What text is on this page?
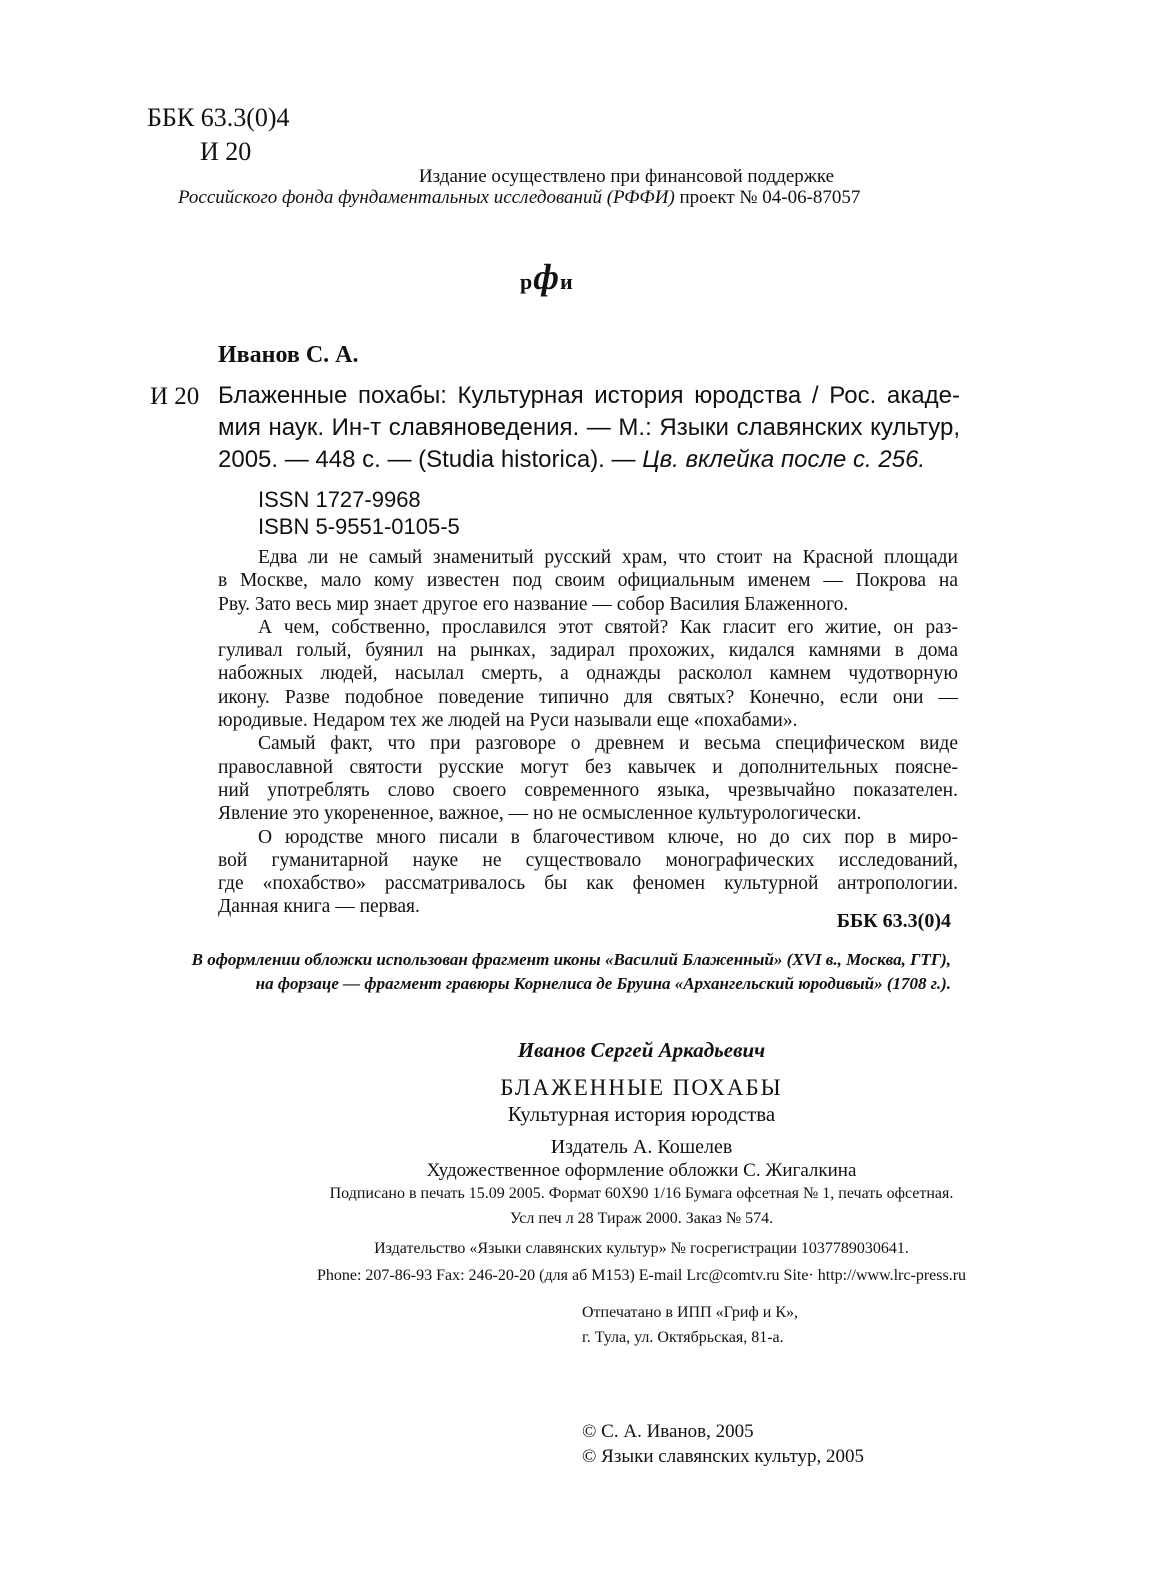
ББК 63.3(0)4
И 20
Издание осуществлено при финансовой поддержке
Российского фонда фундаментальных исследований (РФФИ) проект № 04-06-87057
рфи
Иванов С. А.
И 20 Блаженные похабы: Культурная история юродства / Рос. акаде-
мия наук. Ин-т славяноведения. — М.: Языки славянских культур,
2005. — 448 с. — (Studia historica). — Цв. вклейка после с. 256.
ISSN 1727-9968
ISBN 5-9551-0105-5

Едва ли не самый знаменитый русский храм, что стоит на Красной площади
в Москве, мало кому известен под своим официальным именем — Покрова на
Рву. Зато весь мир знает другое его название — собор Василия Блаженного.

А чем, собственно, прославился этот святой? Как гласит его житие, он раз-
гуливал голый, буянил на рынках, задирал прохожих, кидался камнями в дома
набожных людей, насылал смерть, а однажды расколол камнем чудотворную
икону. Разве подобное поведение типично для святых? Конечно, если они —
юродивые. Недаром тех же людей на Руси называли еще «похабами».

Самый факт, что при разговоре о древнем и весьма специфическом виде
православной святости русские могут без кавычек и дополнительных пояснe-
ний употреблять слово своего современного языка, чрезвычайно показателен.
Явление это укорененное, важное, — но не осмысленное культурологически.

О юродстве много писали в благочестивом ключе, но до сих пор в миро-
вой гуманитарной науке не существовало монографических исследований,
где «похабство» рассматривалось бы как феномен культурной антропологии.
Данная книга — первая.

ББК 63.3(0)4
В оформлении обложки использован фрагмент иконы «Василий Блаженный» (XVI в., Москва, ГТГ),
на форзаце — фрагмент гравюры Корнелиса де Бруина «Архангельский юродивый» (1708 г.).
Иванов Сергей Аркадьевич
БЛАЖЕННЫЕ ПОХАБЫ
Культурная история юродства
Издатель А. Кошелев
Художественное оформление обложки С. Жигалкина
Подписано в печать 15.09 2005. Формат 60Х90 1/16 Бумага офсетная № 1, печать офсетная.
Усл печ л 28 Тираж 2000. Заказ № 574.
Издательство «Языки славянских культур» № госрегистрации 1037789030641.
Phone: 207-86-93 Fax: 246-20-20 (для аб М153) E-mail Lrc@comtv.ru Site· http://www.lrc-press.ru
Отпечатано в ИПП «Гриф и К»,
г. Тула, ул. Октябрьская, 81-а.
© С. А. Иванов, 2005
© Языки славянских культур, 2005
